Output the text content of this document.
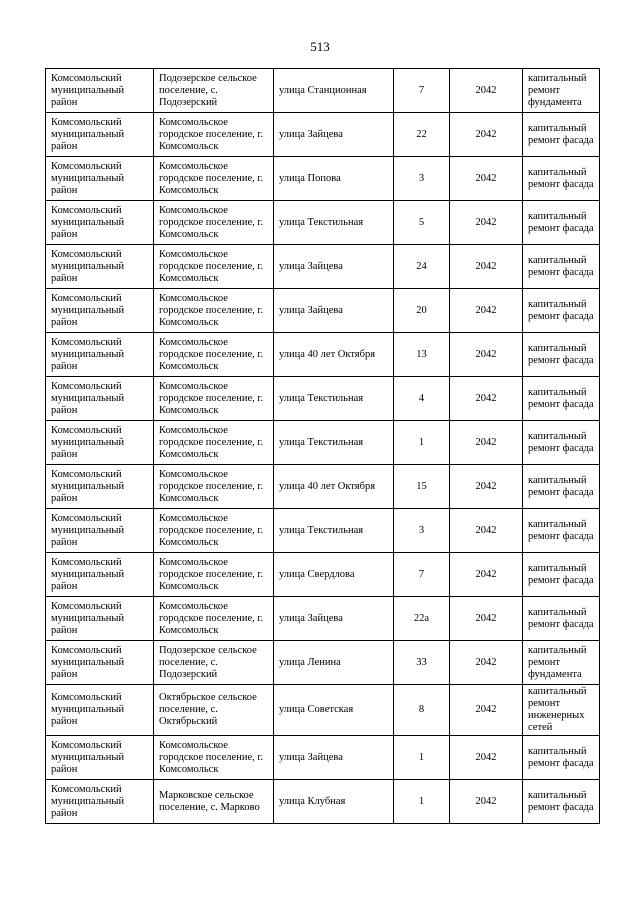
513
Комсомольский муниципальный район	Подозерское сельское поселение, с. Подозерский	улица Станционная	7	2042	капитальный ремонт фундамента
Комсомольский муниципальный район	Комсомольское городское поселение, г. Комсомольск	улица Зайцева	22	2042	капитальный ремонт фасада
Комсомольский муниципальный район	Комсомольское городское поселение, г. Комсомольск	улица Попова	3	2042	капитальный ремонт фасада
Комсомольский муниципальный район	Комсомольское городское поселение, г. Комсомольск	улица Текстильная	5	2042	капитальный ремонт фасада
Комсомольский муниципальный район	Комсомольское городское поселение, г. Комсомольск	улица Зайцева	24	2042	капитальный ремонт фасада
Комсомольский муниципальный район	Комсомольское городское поселение, г. Комсомольск	улица Зайцева	20	2042	капитальный ремонт фасада
Комсомольский муниципальный район	Комсомольское городское поселение, г. Комсомольск	улица 40 лет Октября	13	2042	капитальный ремонт фасада
Комсомольский муниципальный район	Комсомольское городское поселение, г. Комсомольск	улица Текстильная	4	2042	капитальный ремонт фасада
Комсомольский муниципальный район	Комсомольское городское поселение, г. Комсомольск	улица Текстильная	1	2042	капитальный ремонт фасада
Комсомольский муниципальный район	Комсомольское городское поселение, г. Комсомольск	улица 40 лет Октября	15	2042	капитальный ремонт фасада
Комсомольский муниципальный район	Комсомольское городское поселение, г. Комсомольск	улица Текстильная	3	2042	капитальный ремонт фасада
Комсомольский муниципальный район	Комсомольское городское поселение, г. Комсомольск	улица Свердлова	7	2042	капитальный ремонт фасада
Комсомольский муниципальный район	Комсомольское городское поселение, г. Комсомольск	улица Зайцева	22а	2042	капитальный ремонт фасада
Комсомольский муниципальный район	Подозерское сельское поселение, с. Подозерский	улица Ленина	33	2042	капитальный ремонт фундамента
Комсомольский муниципальный район	Октябрьское сельское поселение, с. Октябрьский	улица Советская	8	2042	капитальный ремонт инженерных сетей
Комсомольский муниципальный район	Комсомольское городское поселение, г. Комсомольск	улица Зайцева	1	2042	капитальный ремонт фасада
Комсомольский муниципальный район	Марковское сельское поселение, с. Марково	улица Клубная	1	2042	капитальный ремонт фасада
